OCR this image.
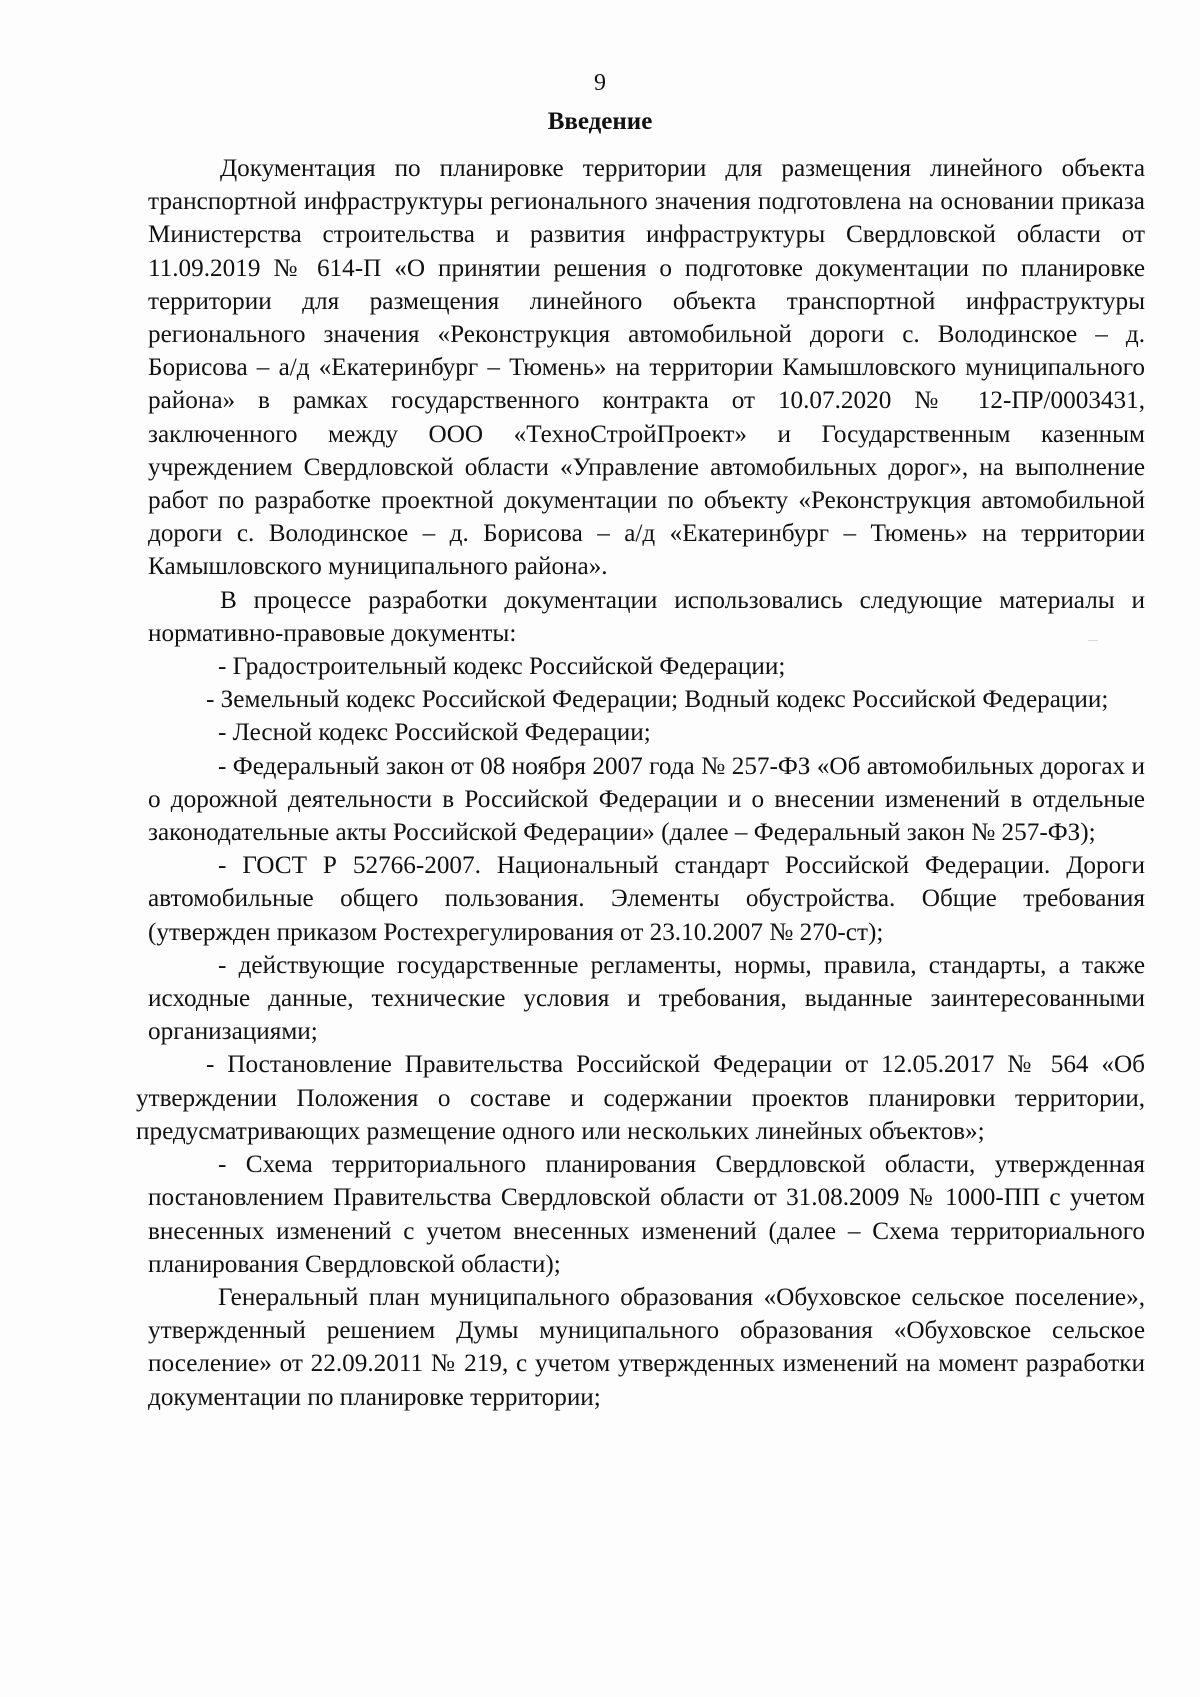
9
Введение

Документация по планировке территории для размещения линейного объекта транспортной инфраструктуры регионального значения подготовлена на основании приказа Министерства строительства и развития инфраструктуры Свердловской области от 11.09.2019 № 614-П «О принятии решения о подготовке документации по планировке территории для размещения линейного объекта транспортной инфраструктуры регионального значения «Реконструкция автомобильной дороги с. Володинское – д. Борисова – а/д «Екатеринбург – Тюмень» на территории Камышловского муниципального района» в рамках государственного контракта от 10.07.2020 № 12-ПР/0003431, заключенного между ООО «ТехноСтройПроект» и Государственным казенным учреждением Свердловской области «Управление автомобильных дорог», на выполнение работ по разработке проектной документации по объекту «Реконструкция автомобильной дороги с. Володинское – д. Борисова – а/д «Екатеринбург – Тюмень» на территории Камышловского муниципального района».

В процессе разработки документации использовались следующие материалы и нормативно-правовые документы:

- Градостроительный кодекс Российской Федерации;

- Земельный кодекс Российской Федерации; Водный кодекс Российской Федерации;

- Лесной кодекс Российской Федерации;

- Федеральный закон от 08 ноября 2007 года № 257-ФЗ «Об автомобильных дорогах и о дорожной деятельности в Российской Федерации и о внесении изменений в отдельные законодательные акты Российской Федерации» (далее – Федеральный закон № 257-ФЗ);

- ГОСТ Р 52766-2007. Национальный стандарт Российской Федерации. Дороги автомобильные общего пользования. Элементы обустройства. Общие требования (утвержден приказом Ростехрегулирования от 23.10.2007 № 270-ст);

- действующие государственные регламенты, нормы, правила, стандарты, а также исходные данные, технические условия и требования, выданные заинтересованными организациями;

- Постановление Правительства Российской Федерации от 12.05.2017 № 564 «Об утверждении Положения о составе и содержании проектов планировки территории, предусматривающих размещение одного или нескольких линейных объектов»;

- Схема территориального планирования Свердловской области, утвержденная постановлением Правительства Свердловской области от 31.08.2009 № 1000-ПП с учетом внесенных изменений с учетом внесенных изменений (далее – Схема территориального планирования Свердловской области);

Генеральный план муниципального образования «Обуховское сельское поселение», утвержденный решением Думы муниципального образования «Обуховское сельское поселение» от 22.09.2011 № 219, с учетом утвержденных изменений на момент разработки документации по планировке территории;
